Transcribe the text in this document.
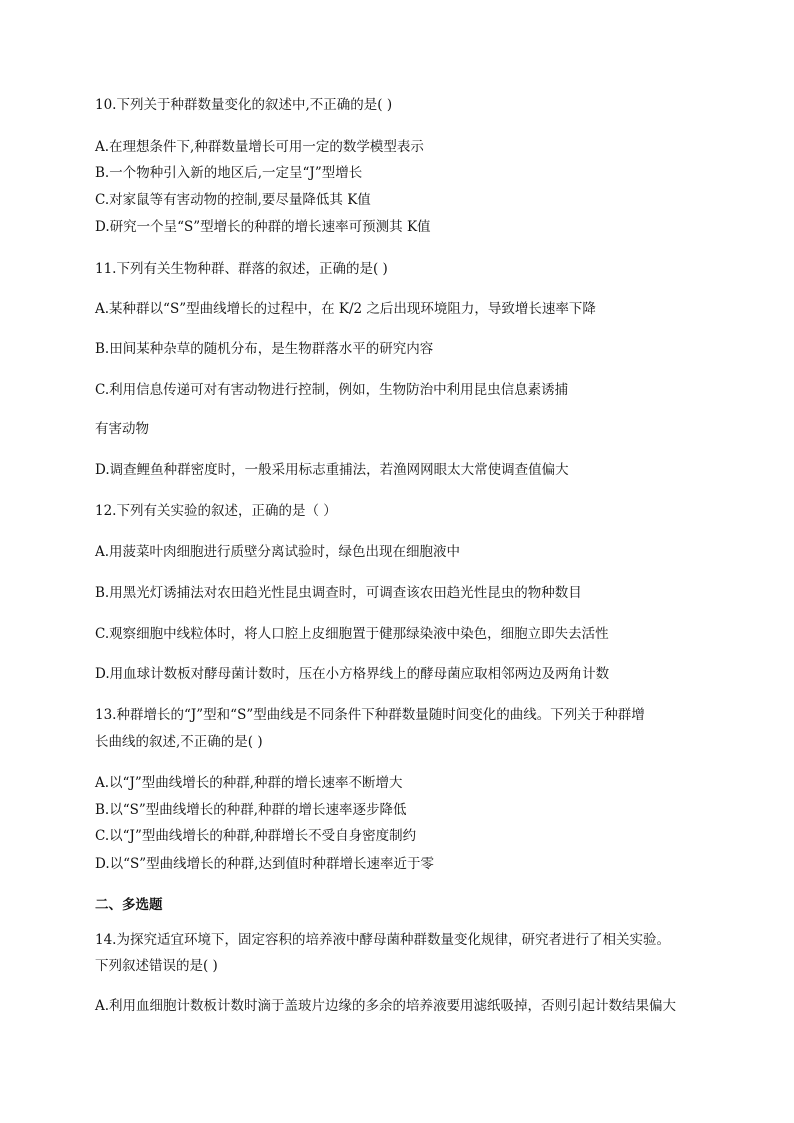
10.下列关于种群数量变化的叙述中,不正确的是( )
A.在理想条件下,种群数量增长可用一定的数学模型表示
B.一个物种引入新的地区后,一定呈“J”型增长
C.对家鼠等有害动物的控制,要尽量降低其 K值
D.研究一个呈“S”型增长的种群的增长速率可预测其 K值
11.下列有关生物种群、群落的叙述，正确的是( )
A.某种群以“S”型曲线增长的过程中，在 K/2 之后出现环境阻力，导致增长速率下降
B.田间某种杂草的随机分布，是生物群落水平的研究内容
C.利用信息传递可对有害动物进行控制，例如，生物防治中利用昆虫信息素诱捕
有害动物
D.调查鲤鱼种群密度时，一般采用标志重捕法，若渔网网眼太大常使调查值偏大
12.下列有关实验的叙述，正确的是（ ）
A.用菠菜叶肉细胞进行质壁分离试验时，绿色出现在细胞液中
B.用黑光灯诱捕法对农田趋光性昆虫调查时，可调查该农田趋光性昆虫的物种数目
C.观察细胞中线粒体时，将人口腔上皮细胞置于健那绿染液中染色，细胞立即失去活性
D.用血球计数板对酵母菌计数时，压在小方格界线上的酵母菌应取相邻两边及两角计数
13.种群增长的“J”型和“S”型曲线是不同条件下种群数量随时间变化的曲线。下列关于种群增
长曲线的叙述,不正确的是( )
A.以“J”型曲线增长的种群,种群的增长速率不断增大
B.以“S”型曲线增长的种群,种群的增长速率逐步降低
C.以“J”型曲线增长的种群,种群增长不受自身密度制约
D.以“S”型曲线增长的种群,达到值时种群增长速率近于零
二、多选题
14.为探究适宜环境下，固定容积的培养液中酵母菌种群数量变化规律，研究者进行了相关实验。
下列叙述错误的是( )
A.利用血细胞计数板计数时滴于盖玻片边缘的多余的培养液要用滤纸吸掉，否则引起计数结果偏大
